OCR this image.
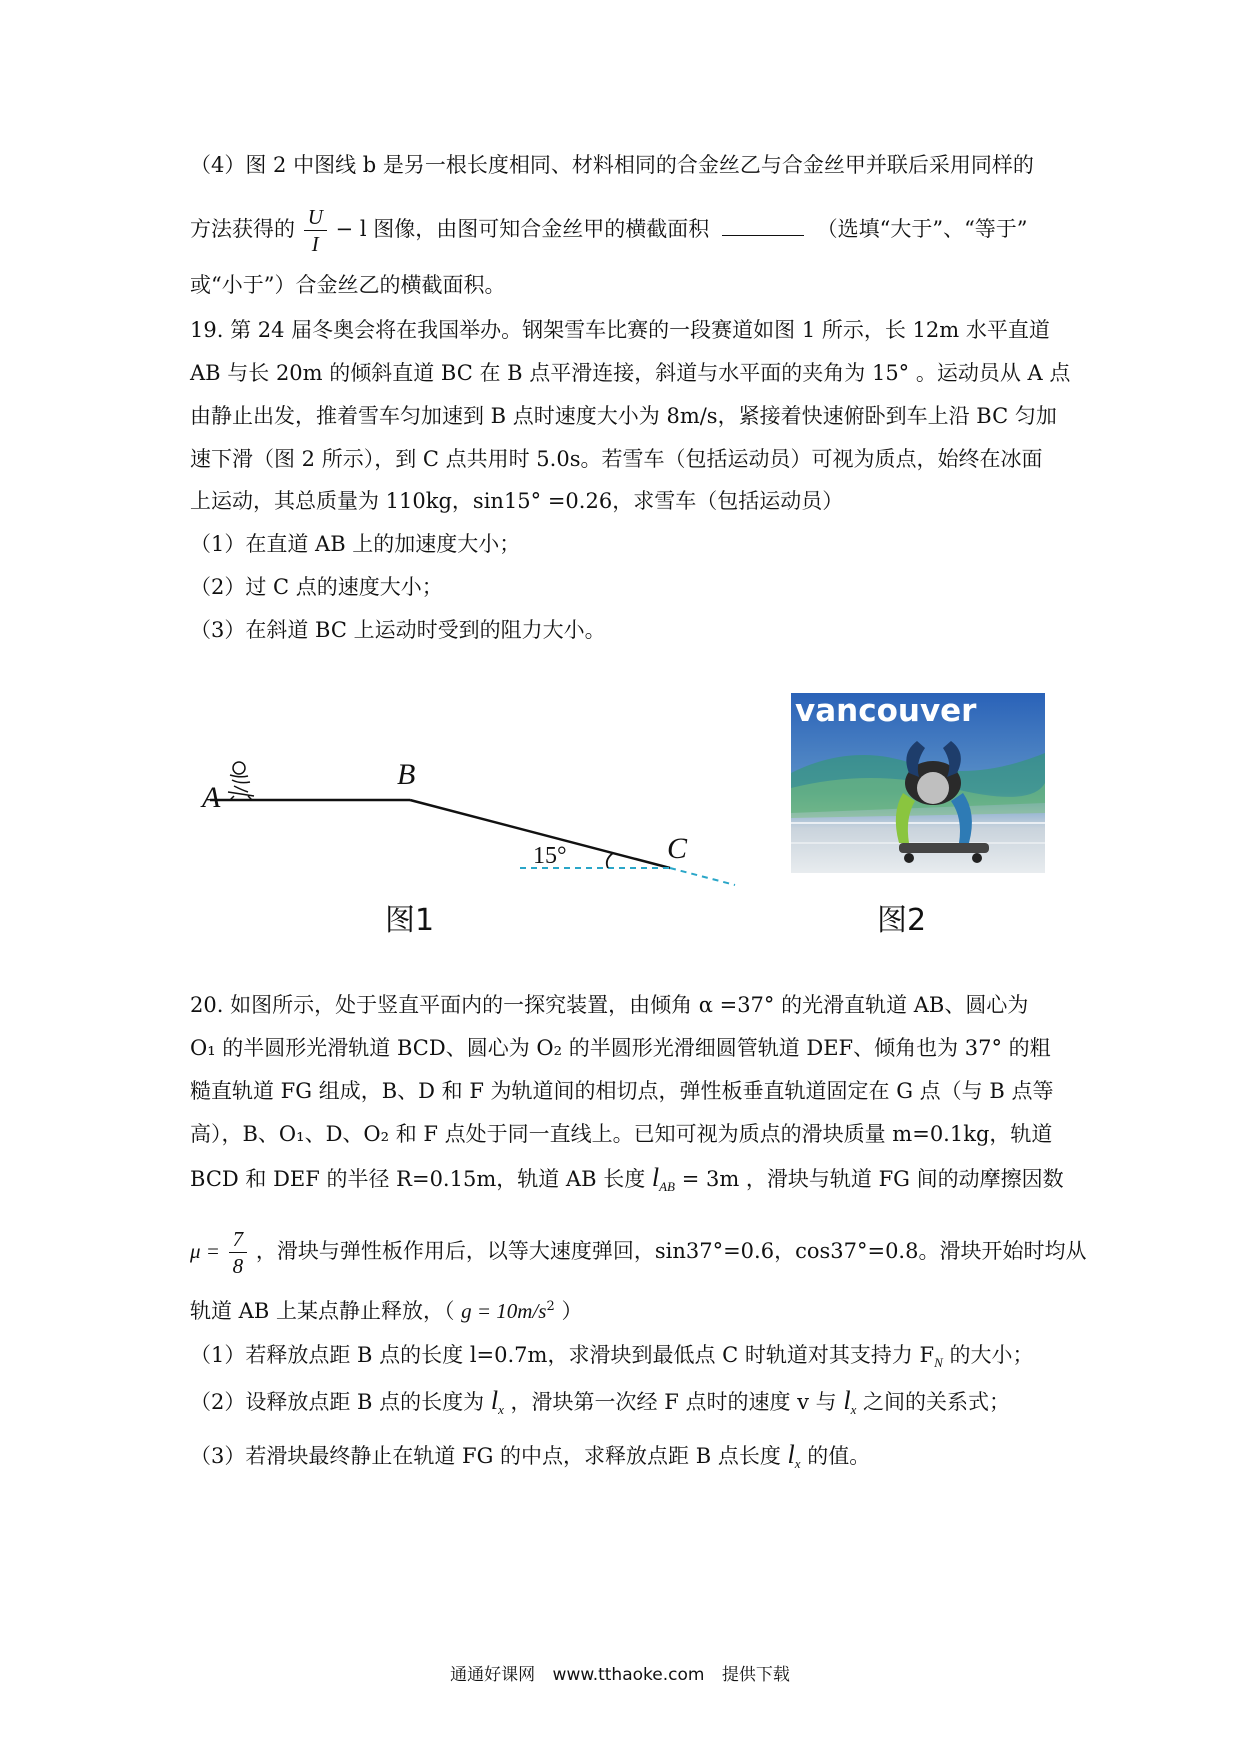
（4）图 2 中图线 b 是另一根长度相同、材料相同的合金丝乙与合金丝甲并联后采用同样的
方法获得的 $\frac{U}{I} - l$ 图像，由图可知合金丝甲的横截面积	（选填“大于”、“等于”
或“小于”）合金丝乙的横截面积。
19. 第 24 届冬奥会将在我国举办。钢架雪车比赛的一段赛道如图 1 所示，长 12m 水平直道
AB 与长 20m 的倾斜直道 BC 在 B 点平滑连接，斜道与水平面的夹角为 15° 。运动员从 A 点
由静止出发，推着雪车匀加速到 B 点时速度大小为 8m/s，紧接着快速俯卧到车上沿 BC 匀加
速下滑（图 2 所示），到 C 点共用时 5.0s。若雪车（包括运动员）可视为质点，始终在冰面
上运动，其总质量为 110kg，sin15° =0.26，求雪车（包括运动员）
（1）在直道 AB 上的加速度大小；
（2）过 C 点的速度大小；
（3）在斜道 BC 上运动时受到的阻力大小。
A
B
C
15°
图1
vancouver
图2
20. 如图所示，处于竖直平面内的一探究装置，由倾角 α =37° 的光滑直轨道 AB、圆心为
O₁ 的半圆形光滑轨道 BCD、圆心为 O₂ 的半圆形光滑细圆管轨道 DEF、倾角也为 37° 的粗
糙直轨道 FG 组成，B、D 和 F 为轨道间的相切点，弹性板垂直轨道固定在 G 点（与 B 点等
高），B、O₁、D、O₂ 和 F 点处于同一直线上。已知可视为质点的滑块质量 m=0.1kg，轨道
BCD 和 DEF 的半径 R=0.15m，轨道 AB 长度 $l_{AB} = 3m$ ，滑块与轨道 FG 间的动摩擦因数
$\mu = \frac{7}{8}$ ，滑块与弹性板作用后，以等大速度弹回，sin37°=0.6，cos37°=0.8。滑块开始时均从
轨道 AB 上某点静止释放，（ $g = 10m/s^2$ ）
（1）若释放点距 B 点的长度 l=0.7m，求滑块到最低点 C 时轨道对其支持力 $F_N$ 的大小；
（2）设释放点距 B 点的长度为 $l_x$ ，滑块第一次经 F 点时的速度 v 与 $l_x$ 之间的关系式；
（3）若滑块最终静止在轨道 FG 的中点，求释放点距 B 点长度 $l_x$ 的值。
通通好课网 www.tthaoke.com 提供下载
